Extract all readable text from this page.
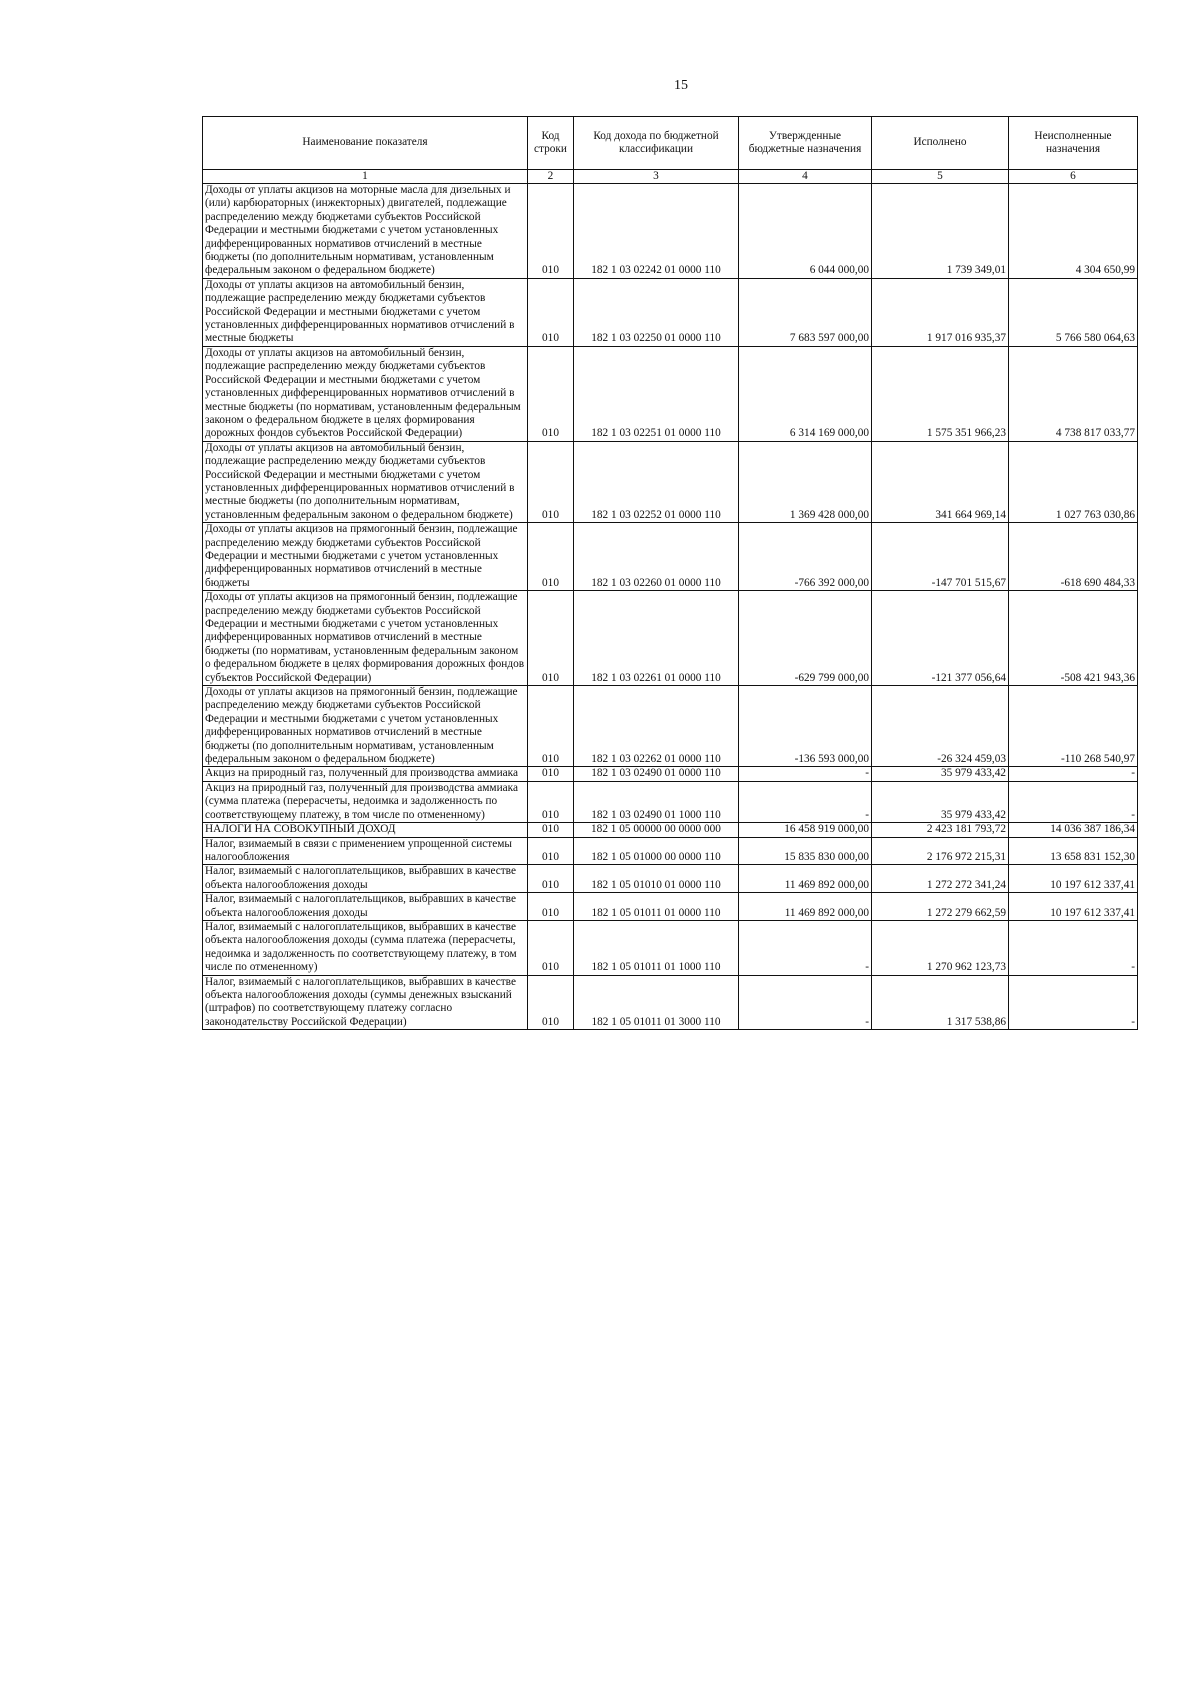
15
Наименование показателя	Код строки	Код дохода по бюджетной классификации	Утвержденные бюджетные назначения	Исполнено	Неисполненные назначения
1	2	3	4	5	6
Доходы от уплаты акцизов на моторные масла для дизельных и (или) карбюраторных (инжекторных) двигателей, подлежащие распределению между бюджетами субъектов Российской Федерации и местными бюджетами с учетом установленных дифференцированных нормативов отчислений в местные бюджеты (по дополнительным нормативам, установленным федеральным законом о федеральном бюджете)	010	182 1 03 02242 01 0000 110	6 044 000,00	1 739 349,01	4 304 650,99
Доходы от уплаты акцизов на автомобильный бензин, подлежащие распределению между бюджетами субъектов Российской Федерации и местными бюджетами с учетом установленных дифференцированных нормативов отчислений в местные бюджеты	010	182 1 03 02250 01 0000 110	7 683 597 000,00	1 917 016 935,37	5 766 580 064,63
Доходы от уплаты акцизов на автомобильный бензин, подлежащие распределению между бюджетами субъектов Российской Федерации и местными бюджетами с учетом установленных дифференцированных нормативов отчислений в местные бюджеты (по нормативам, установленным федеральным законом о федеральном бюджете в целях формирования дорожных фондов субъектов Российской Федерации)	010	182 1 03 02251 01 0000 110	6 314 169 000,00	1 575 351 966,23	4 738 817 033,77
Доходы от уплаты акцизов на автомобильный бензин, подлежащие распределению между бюджетами субъектов Российской Федерации и местными бюджетами с учетом установленных дифференцированных нормативов отчислений в местные бюджеты (по дополнительным нормативам, установленным федеральным законом о федеральном бюджете)	010	182 1 03 02252 01 0000 110	1 369 428 000,00	341 664 969,14	1 027 763 030,86
Доходы от уплаты акцизов на прямогонный бензин, подлежащие распределению между бюджетами субъектов Российской Федерации и местными бюджетами с учетом установленных дифференцированных нормативов отчислений в местные бюджеты	010	182 1 03 02260 01 0000 110	-766 392 000,00	-147 701 515,67	-618 690 484,33
Доходы от уплаты акцизов на прямогонный бензин, подлежащие распределению между бюджетами субъектов Российской Федерации и местными бюджетами с учетом установленных дифференцированных нормативов отчислений в местные бюджеты (по нормативам, установленным федеральным законом о федеральном бюджете в целях формирования дорожных фондов субъектов Российской Федерации)	010	182 1 03 02261 01 0000 110	-629 799 000,00	-121 377 056,64	-508 421 943,36
Доходы от уплаты акцизов на прямогонный бензин, подлежащие распределению между бюджетами субъектов Российской Федерации и местными бюджетами с учетом установленных дифференцированных нормативов отчислений в местные бюджеты (по дополнительным нормативам, установленным федеральным законом о федеральном бюджете)	010	182 1 03 02262 01 0000 110	-136 593 000,00	-26 324 459,03	-110 268 540,97
Акциз на природный газ, полученный для производства аммиака	010	182 1 03 02490 01 0000 110	-	35 979 433,42	-
Акциз на природный газ, полученный для производства аммиака (сумма платежа (перерасчеты, недоимка и задолженность по соответствующему платежу, в том числе по отмененному)	010	182 1 03 02490 01 1000 110	-	35 979 433,42	-
НАЛОГИ НА СОВОКУПНЫЙ ДОХОД	010	182 1 05 00000 00 0000 000	16 458 919 000,00	2 423 181 793,72	14 036 387 186,34
Налог, взимаемый в связи с применением упрощенной системы налогообложения	010	182 1 05 01000 00 0000 110	15 835 830 000,00	2 176 972 215,31	13 658 831 152,30
Налог, взимаемый с налогоплательщиков, выбравших в качестве объекта налогообложения доходы	010	182 1 05 01010 01 0000 110	11 469 892 000,00	1 272 272 341,24	10 197 612 337,41
Налог, взимаемый с налогоплательщиков, выбравших в качестве объекта налогообложения доходы	010	182 1 05 01011 01 0000 110	11 469 892 000,00	1 272 279 662,59	10 197 612 337,41
Налог, взимаемый с налогоплательщиков, выбравших в качестве объекта налогообложения доходы (сумма платежа (перерасчеты, недоимка и задолженность по соответствующему платежу, в том числе по отмененному)	010	182 1 05 01011 01 1000 110	-	1 270 962 123,73	-
Налог, взимаемый с налогоплательщиков, выбравших в качестве объекта налогообложения доходы (суммы денежных взысканий (штрафов) по соответствующему платежу согласно законодательству Российской Федерации)	010	182 1 05 01011 01 3000 110	-	1 317 538,86	-
